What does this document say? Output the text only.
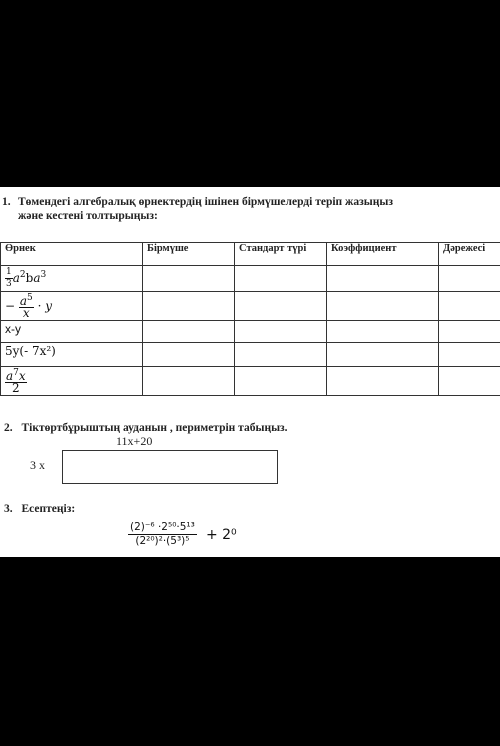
1. Төмендегі алгебралық өрнектердің ішінен бірмүшелерді теріп жазыңыз
және кестені толтырыңыз:
Өрнек	Бірмүше	Стандарт түрі	Коэффициент	Дәрежесі

$\frac{1}{3} a^2ba^3$				
− $\frac{a^5}{x} \cdot y$				
x-y				
5y(- 7x²)				

$\frac{a^7x}{2}$

2. Тіктөртбұрыштың ауданын , периметрін табыңыз.
11x+20
3 x
3. Есептеңіз:
$\frac{\text{(2)⁻⁶ ·2⁵⁰·5¹³}}{\text{(2²⁰)²·(5³)⁵}} + 2^0$
